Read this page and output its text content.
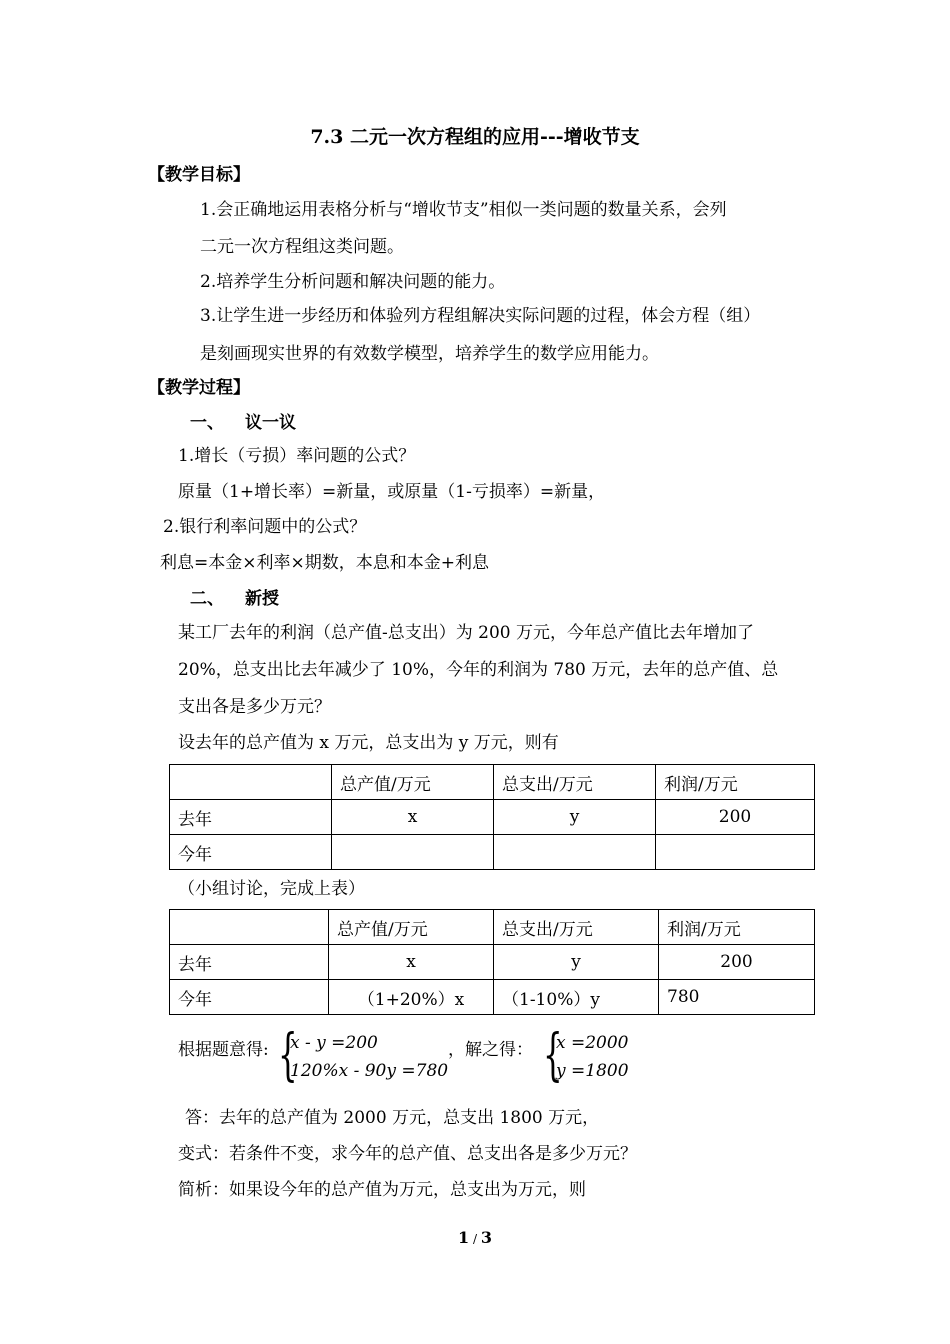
7.3 二元一次方程组的应用---增收节支
【教学目标】
1.会正确地运用表格分析与“增收节支”相似一类问题的数量关系，会列
二元一次方程组这类问题。
2.培养学生分析问题和解决问题的能力。
3.让学生进一步经历和体验列方程组解决实际问题的过程，体会方程（组）
是刻画现实世界的有效数学模型，培养学生的数学应用能力。
【教学过程】
一、 议一议
1.增长（亏损）率问题的公式？
原量（1+增长率）=新量，或原量（1-亏损率）=新量，
2.银行利率问题中的公式？
利息=本金×利率×期数，本息和本金+利息
二、 新授
某工厂去年的利润（总产值-总支出）为 200 万元，今年总产值比去年增加了
20%，总支出比去年减少了 10%，今年的利润为 780 万元，去年的总产值、总
支出各是多少万元？
设去年的总产值为 x 万元，总支出为 y 万元，则有
	总产值/万元	总支出/万元	利润/万元
去年	x	y	200
今年			
（小组讨论，完成上表）
	总产值/万元	总支出/万元	利润/万元
去年	x	y	200
今年	（1+20%）x	（1-10%）y	780
根据题意得: {
x - y =200
120%x - 90y =780
，解之得： {
x =2000
y =1800
答：去年的总产值为 2000 万元，总支出 1800 万元，
变式：若条件不变，求今年的总产值、总支出各是多少万元？
简析：如果设今年的总产值为万元，总支出为万元，则
1 / 3
